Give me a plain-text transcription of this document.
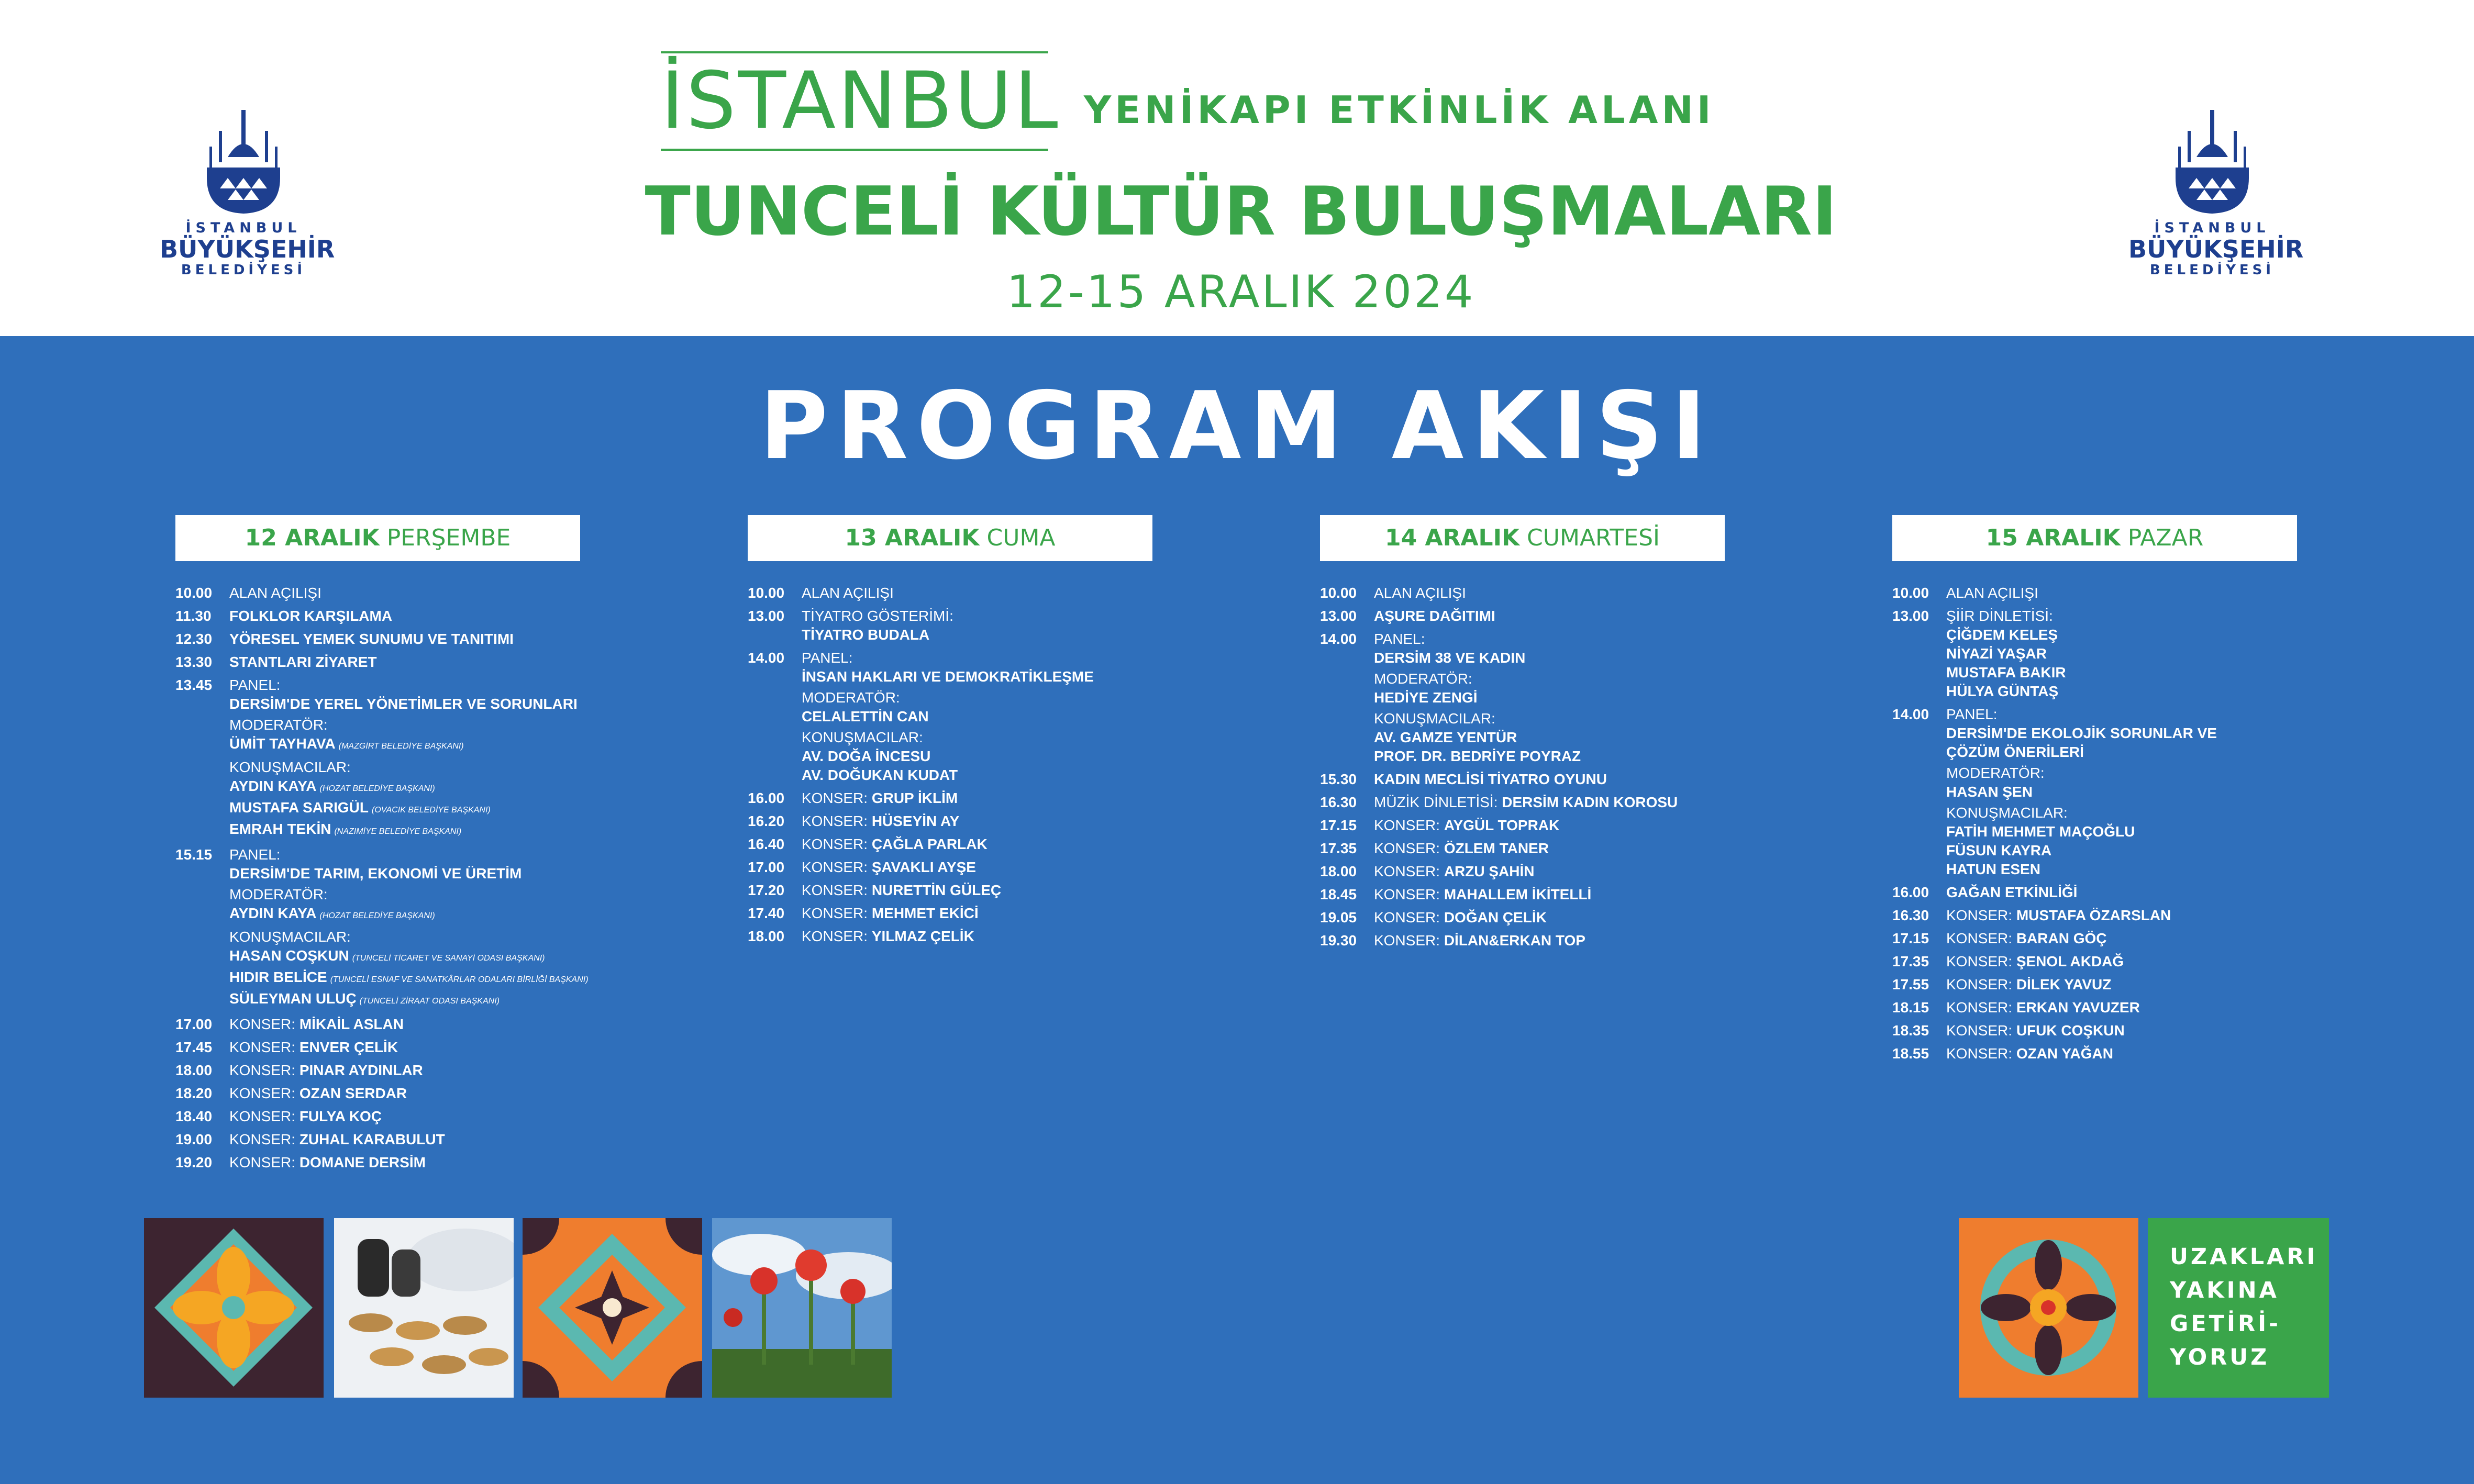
İSTANBUL
BÜYÜKŞEHİR
BELEDİYESİ
İSTANBUL YENİKAPI ETKİNLİK ALANI
TUNCELİ KÜLTÜR BULUŞMALARI
12-15 ARALIK 2024
İSTANBUL
BÜYÜKŞEHİR
BELEDİYESİ
PROGRAM AKIŞI
12 ARALIK PERŞEMBE
10.00	ALAN AÇILIŞI
11.30	FOLKLOR KARŞILAMA
12.30	YÖRESEL YEMEK SUNUMU VE TANITIMI
13.30	STANTLARI ZİYARET
13.45	PANEL:
DERSİM'DE YEREL YÖNETİMLER VE SORUNLARI
MODERATÖR:
ÜMİT TAYHAVA (MAZGİRT BELEDİYE BAŞKANI)
KONUŞMACILAR:
AYDIN KAYA (HOZAT BELEDİYE BAŞKANI)
MUSTAFA SARIGÜL (OVACIK BELEDİYE BAŞKANI)
EMRAH TEKİN (NAZIMİYE BELEDİYE BAŞKANI)
15.15	PANEL:
DERSİM'DE TARIM, EKONOMİ VE ÜRETİM
MODERATÖR:
AYDIN KAYA (HOZAT BELEDİYE BAŞKANI)
KONUŞMACILAR:
HASAN COŞKUN (TUNCELİ TİCARET VE SANAYİ ODASI BAŞKANI)
HIDIR BELİCE (TUNCELİ ESNAF VE SANATKÂRLAR ODALARI BİRLİĞİ BAŞKANI)
SÜLEYMAN ULUÇ (TUNCELİ ZİRAAT ODASI BAŞKANI)
17.00	KONSER: MİKAİL ASLAN
17.45	KONSER: ENVER ÇELİK
18.00	KONSER: PINAR AYDINLAR
18.20	KONSER: OZAN SERDAR
18.40	KONSER: FULYA KOÇ
19.00	KONSER: ZUHAL KARABULUT
19.20	KONSER: DOMANE DERSİM
13 ARALIK CUMA
10.00	ALAN AÇILIŞI
13.00	TİYATRO GÖSTERİMİ:
TİYATRO BUDALA
14.00	PANEL:
İNSAN HAKLARI VE DEMOKRATİKLEŞME
MODERATÖR:
CELALETTİN CAN
KONUŞMACILAR:
AV. DOĞA İNCESU
AV. DOĞUKAN KUDAT
16.00	KONSER: GRUP İKLİM
16.20	KONSER: HÜSEYİN AY
16.40	KONSER: ÇAĞLA PARLAK
17.00	KONSER: ŞAVAKLI AYŞE
17.20	KONSER: NURETTİN GÜLEÇ
17.40	KONSER: MEHMET EKİCİ
18.00	KONSER: YILMAZ ÇELİK
14 ARALIK CUMARTESİ
10.00	ALAN AÇILIŞI
13.00	AŞURE DAĞITIMI
14.00	PANEL:
DERSİM 38 VE KADIN
MODERATÖR:
HEDİYE ZENGİ
KONUŞMACILAR:
AV. GAMZE YENTÜR
PROF. DR. BEDRİYE POYRAZ
15.30	KADIN MECLİSİ TİYATRO OYUNU
16.30	MÜZİK DİNLETİSİ: DERSİM KADIN KOROSU
17.15	KONSER: AYGÜL TOPRAK
17.35	KONSER: ÖZLEM TANER
18.00	KONSER: ARZU ŞAHİN
18.45	KONSER: MAHALLEM İKİTELLİ
19.05	KONSER: DOĞAN ÇELİK
19.30	KONSER: DİLAN&ERKAN TOP
15 ARALIK PAZAR
10.00	ALAN AÇILIŞI
13.00	ŞİİR DİNLETİSİ:
ÇİĞDEM KELEŞ
NİYAZİ YAŞAR
MUSTAFA BAKIR
HÜLYA GÜNTAŞ
14.00	PANEL:
DERSİM'DE EKOLOJİK SORUNLAR VE
ÇÖZÜM ÖNERİLERİ
MODERATÖR:
HASAN ŞEN
KONUŞMACILAR:
FATİH MEHMET MAÇOĞLU
FÜSUN KAYRA
HATUN ESEN
16.00	GAĞAN ETKİNLİĞİ
16.30	KONSER: MUSTAFA ÖZARSLAN
17.15	KONSER: BARAN GÖÇ
17.35	KONSER: ŞENOL AKDAĞ
17.55	KONSER: DİLEK YAVUZ
18.15	KONSER: ERKAN YAVUZER
18.35	KONSER: UFUK COŞKUN
18.55	KONSER: OZAN YAĞAN
UZAKLARI
YAKINA
GETİRİ-
YORUZ
